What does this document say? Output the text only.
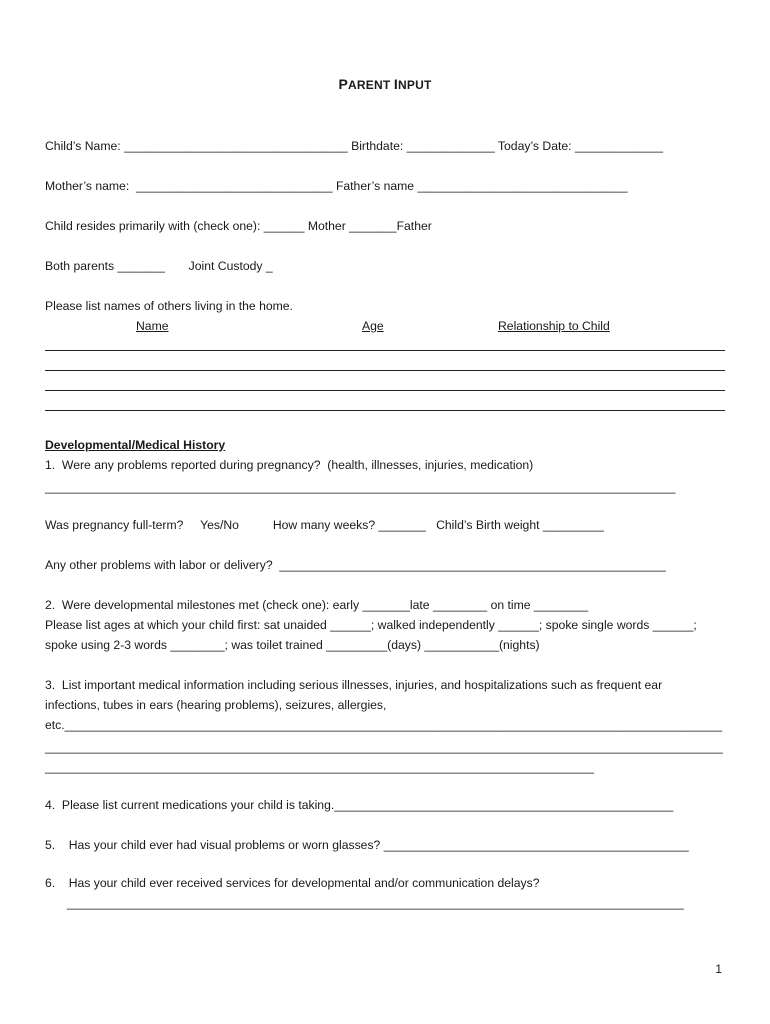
PARENT INPUT
Child’s Name: _________________________________ Birthdate: _____________ Today’s Date: _____________
Mother’s name:  _____________________________ Father’s name _______________________________
Child resides primarily with (check one): ______ Mother _______Father
Both parents _______       Joint Custody _
Please list names of others living in the home.
Name	Age	Relationship to Child
Developmental/Medical History
1.  Were any problems reported during pregnancy?  (health, illnesses, injuries, medication)
_____________________________________________________________________________________________
Was pregnancy full-term?     Yes/No          How many weeks? _______   Child’s Birth weight _________
Any other problems with labor or delivery?  _________________________________________________________
2.  Were developmental milestones met (check one): early _______late ________ on time ________
Please list ages at which your child first: sat unaided ______; walked independently ______; spoke single words ______;
spoke using 2-3 words ________; was toilet trained _________(days) ___________(nights)
3.  List important medical information including serious illnesses, injuries, and hospitalizations such as frequent ear
infections, tubes in ears (hearing problems), seizures, allergies,
etc._________________________________________________________________________________________________
____________________________________________________________________________________________________
_________________________________________________________________________________
4.  Please list current medications your child is taking.__________________________________________________
5.    Has your child ever had visual problems or worn glasses? _____________________________________________
6.    Has your child ever received services for developmental and/or communication delays?
___________________________________________________________________________________________
1
